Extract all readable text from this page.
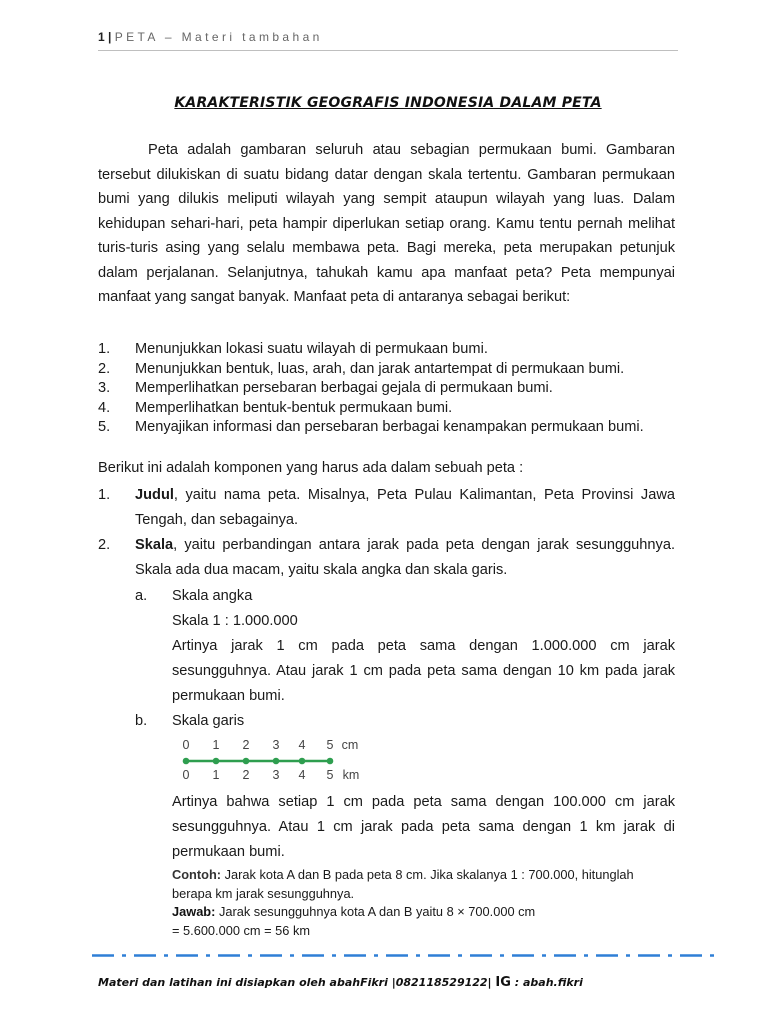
1 | PETA – Materi tambahan
KARAKTERISTIK GEOGRAFIS INDONESIA DALAM PETA
Peta adalah gambaran seluruh atau sebagian permukaan bumi. Gambaran tersebut dilukiskan di suatu bidang datar dengan skala tertentu. Gambaran permukaan bumi yang dilukis meliputi wilayah yang sempit ataupun wilayah yang luas. Dalam kehidupan sehari-hari, peta hampir diperlukan setiap orang. Kamu tentu pernah melihat turis-turis asing yang selalu membawa peta. Bagi mereka, peta merupakan petunjuk dalam perjalanan. Selanjutnya, tahukah kamu apa manfaat peta? Peta mempunyai manfaat yang sangat banyak. Manfaat peta di antaranya sebagai berikut:
1.	Menunjukkan lokasi suatu wilayah di permukaan bumi.
2.	Menunjukkan bentuk, luas, arah, dan jarak antartempat di permukaan bumi.
3.	Memperlihatkan persebaran berbagai gejala di permukaan bumi.
4.	Memperlihatkan bentuk-bentuk permukaan bumi.
5.	Menyajikan informasi dan persebaran berbagai kenampakan permukaan bumi.
Berikut ini adalah komponen yang harus ada dalam sebuah peta :
1.	Judul, yaitu nama peta. Misalnya, Peta Pulau Kalimantan, Peta Provinsi Jawa Tengah, dan sebagainya.
2.	Skala, yaitu perbandingan antara jarak pada peta dengan jarak sesungguhnya. Skala ada dua macam, yaitu skala angka dan skala garis.
a.	Skala angka
Skala 1 : 1.000.000
Artinya jarak 1 cm pada peta sama dengan 1.000.000 cm jarak sesungguhnya. Atau jarak 1 cm pada peta sama dengan 10 km pada jarak permukaan bumi.
b.	Skala garis
0 1 2 3 4 5 cm
0 1 2 3 4 5 km
Artinya bahwa setiap 1 cm pada peta sama dengan 100.000 cm jarak sesungguhnya. Atau 1 cm jarak pada peta sama dengan 1 km jarak di permukaan bumi.
Contoh: Jarak kota A dan B pada peta 8 cm. Jika skalanya 1 : 700.000, hitunglah berapa km jarak sesungguhnya.
Jawab: Jarak sesungguhnya kota A dan B yaitu 8 × 700.000 cm
= 5.600.000 cm = 56 km
Materi dan latihan ini disiapkan oleh abahFikri |082118529122| IG : abah.fikri
